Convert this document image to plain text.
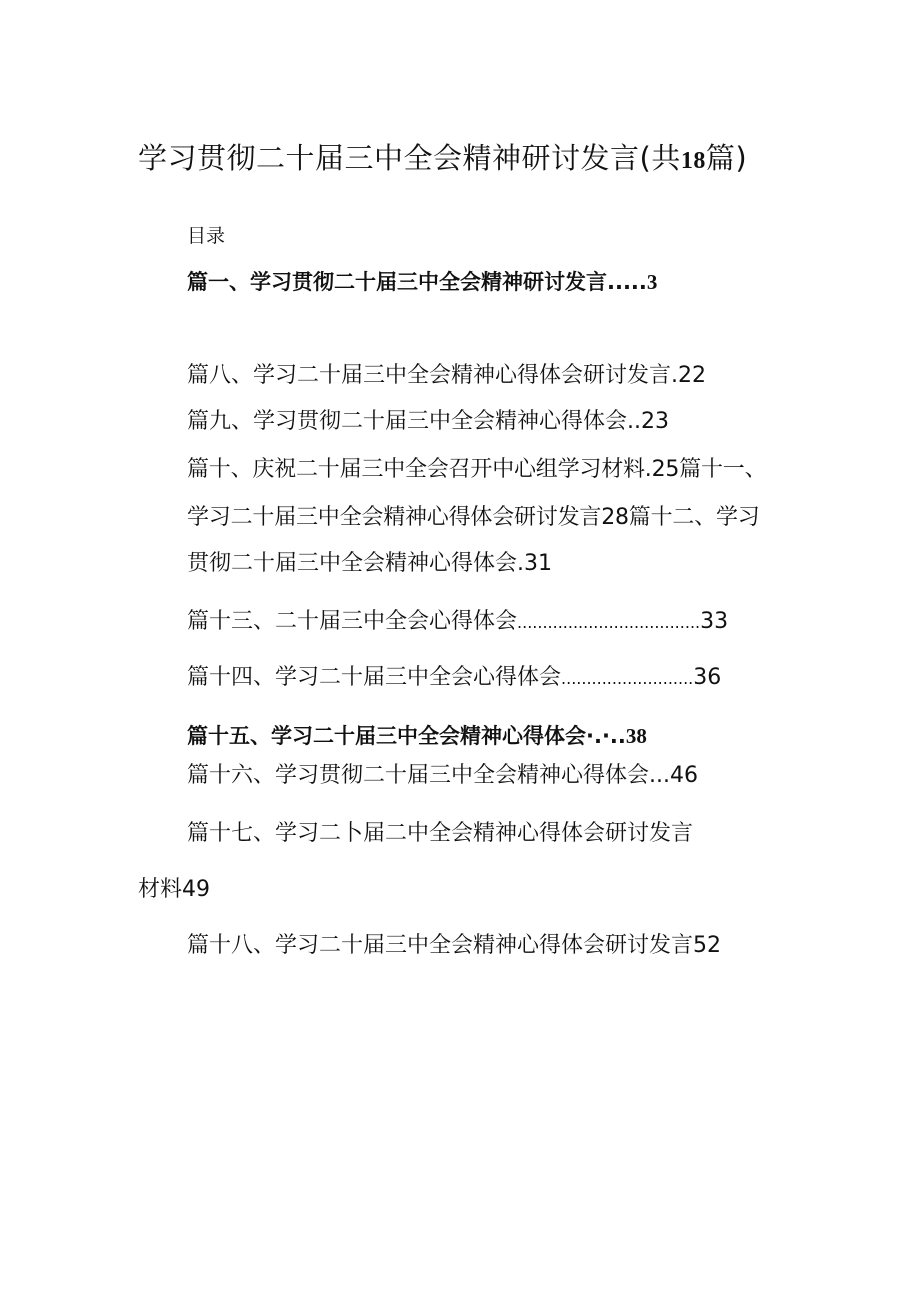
学习贯彻二十届三中全会精神研讨发言(共18篇)
目录
篇一、学习贯彻二十届三中全会精神研讨发言.....3
篇八、学习二十届三中全会精神心得体会研讨发言.22
篇九、学习贯彻二十届三中全会精神心得体会..23
篇十、庆祝二十届三中全会召开中心组学习材料.25篇十一、
学习二十届三中全会精神心得体会研讨发言28篇十二、学习
贯彻二十届三中全会精神心得体会.31
篇十三、二十届三中全会心得体会....................................33
篇十四、学习二十届三中全会心得体会..........................36
篇十五、学习二十届三中全会精神心得体会·.·..38
篇十六、学习贯彻二十届三中全会精神心得体会...46
篇十七、学习二卜届二中全会精神心得体会研讨发言
材料49
篇十八、学习二十届三中全会精神心得体会研讨发言52
